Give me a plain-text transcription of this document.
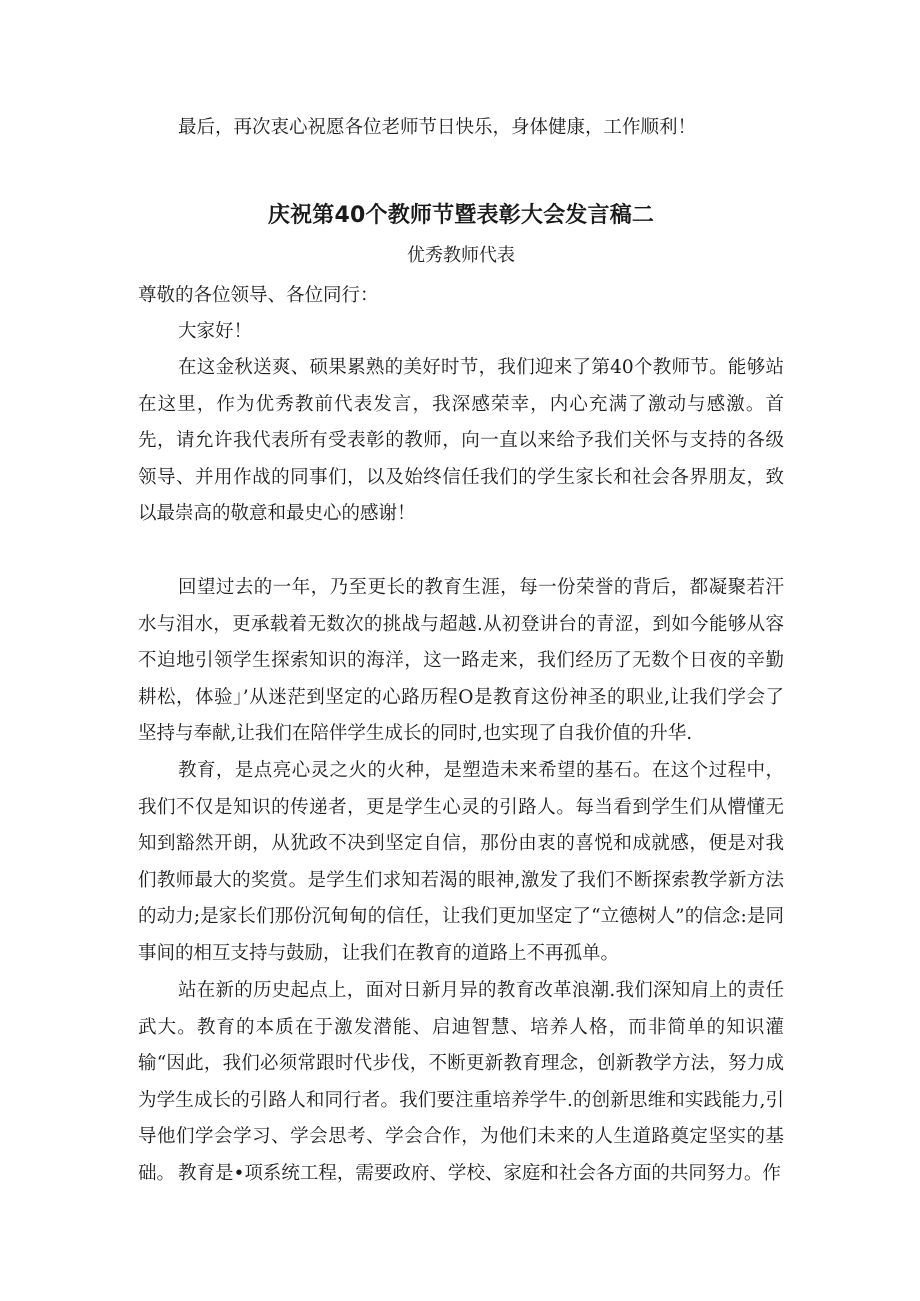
最后，再次衷心祝愿各位老师节日快乐，身体健康，工作顺利！

庆祝第40个教师节暨表彰大会发言稿二

优秀教师代表

尊敬的各位领导、各位同行：

大家好！

在这金秋送爽、硕果累熟的美好时节，我们迎来了第40个教师节。能够站在这里，作为优秀教前代表发言，我深感荣幸，内心充满了激动与感激。首先，请允许我代表所有受表彰的教师，向一直以来给予我们关怀与支持的各级领导、并用作战的同事们，以及始终信任我们的学生家长和社会各界朋友，致以最崇高的敬意和最史心的感谢！

回望过去的一年，乃至更长的教育生涯，每一份荣誉的背后，都凝聚若汗水与泪水，更承载着无数次的挑战与超越.从初登讲台的青涩，到如今能够从容不迫地引领学生探索知识的海洋，这一路走来，我们经历了无数个日夜的辛勤耕松，体验」’从迷茫到坚定的心路历程O是教育这份神圣的职业,让我们学会了坚持与奉献,让我们在陪伴学生成长的同时,也实现了自我价值的升华.

教育，是点亮心灵之火的火种，是塑造未来希望的基石。在这个过程中，我们不仅是知识的传递者，更是学生心灵的引路人。每当看到学生们从懵懂无知到豁然开朗，从犹政不决到坚定自信，那份由衷的喜悦和成就感，便是对我们教师最大的奖赏。是学生们求知若渴的眼神,激发了我们不断探索教学新方法的动力;是家长们那份沉甸甸的信任，让我们更加坚定了“立德树人”的信念:是同事间的相互支持与鼓励，让我们在教育的道路上不再孤单。

站在新的历史起点上，面对日新月异的教育改革浪潮.我们深知肩上的责任武大。教育的本质在于激发潜能、启迪智慧、培养人格，而非简单的知识灌输“因此，我们必须常跟时代步伐，不断更新教育理念，创新教学方法，努力成为学生成长的引路人和同行者。我们要注重培养学牛.的创新思维和实践能力,引导他们学会学习、学会思考、学会合作，为他们未来的人生道路奠定坚实的基础。 教育是•项系统工程，需要政府、学校、家庭和社会各方面的共同努力。作
